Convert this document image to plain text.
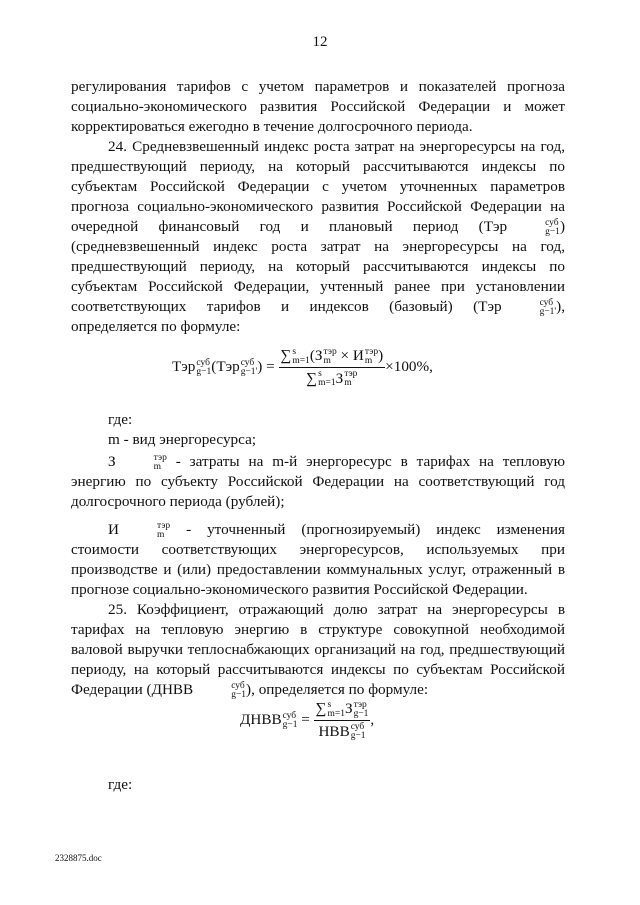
12

регулирования тарифов с учетом параметров и показателей прогноза социально-экономического развития Российской Федерации и может корректироваться ежегодно в течение долгосрочного периода.

24. Средневзвешенный индекс роста затрат на энергоресурсы на год, предшествующий периоду, на который рассчитываются индексы по субъектам Российской Федерации с учетом уточненных параметров прогноза социально-экономического развития Российской Федерации на очередной финансовый год и плановый период (Тэр	суб
g−1 ) (средневзвешенный индекс роста затрат на энергоресурсы на год, предшествующий периоду, на который рассчитываются индексы по субъектам Российской Федерации, учтенный ранее при установлении соответствующих тарифов и индексов (базовый) (Тэр	суб
g−1' ), определяется по формуле:

Тэр суб
g−1 (Тэр суб
g−1' ) = ∑ s
m=1 (З тэр
m × И тэр
m )
∑ s
m=1 З тэр
m ×100%,

где:

m - вид энергоресурса;

З	тэр
m - затраты на m-й энергоресурс в тарифах на тепловую энергию по субъекту Российской Федерации на соответствующий год долгосрочного периода (рублей);

И	тэр
m	- уточненный (прогнозируемый) индекс изменения стоимости соответствующих энергоресурсов, используемых при производстве и (или) предоставлении коммунальных услуг, отраженный в прогнозе социально-экономического развития Российской Федерации.

25. Коэффициент, отражающий долю затрат на энергоресурсы в тарифах на тепловую энергию в структуре совокупной необходимой валовой выручки теплоснабжающих организаций на год, предшествующий периоду, на который рассчитываются индексы по субъектам Российской Федерации (ДНВВ	суб
g−1 ), определяется по формуле:

ДНВВ суб
g−1 = ∑ s
m=1 З тэр
g−1
НВВ суб
g−1 ,

где:

2328875.doc
